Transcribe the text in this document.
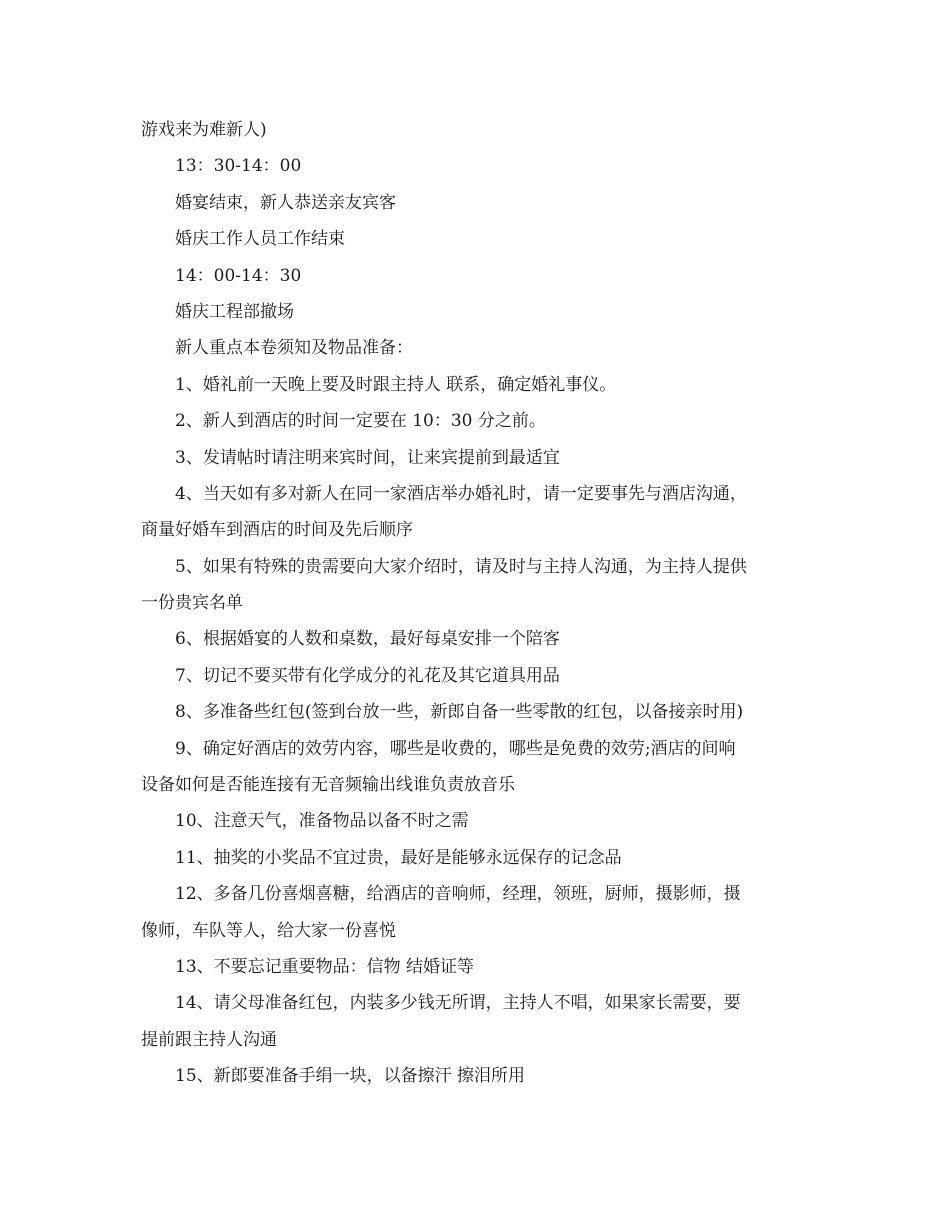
游戏来为难新人)
13：30-14：00
婚宴结束，新人恭送亲友宾客
婚庆工作人员工作结束
14：00-14：30
婚庆工程部撤场
新人重点本卷须知及物品准备：
1、婚礼前一天晚上要及时跟主持人 联系，确定婚礼事仪。
2、新人到酒店的时间一定要在 10：30 分之前。
3、发请帖时请注明来宾时间，让来宾提前到最适宜
4、当天如有多对新人在同一家酒店举办婚礼时，请一定要事先与酒店沟通，
商量好婚车到酒店的时间及先后顺序
5、如果有特殊的贵需要向大家介绍时，请及时与主持人沟通，为主持人提供
一份贵宾名单
6、根据婚宴的人数和桌数，最好每桌安排一个陪客
7、切记不要买带有化学成分的礼花及其它道具用品
8、多准备些红包(签到台放一些，新郎自备一些零散的红包，以备接亲时用)
9、确定好酒店的效劳内容，哪些是收费的，哪些是免费的效劳;酒店的间响
设备如何是否能连接有无音频输出线谁负责放音乐
10、注意天气，准备物品以备不时之需
11、抽奖的小奖品不宜过贵，最好是能够永远保存的记念品
12、多备几份喜烟喜糖，给酒店的音响师，经理，领班，厨师，摄影师，摄
像师，车队等人，给大家一份喜悦
13、不要忘记重要物品：信物 结婚证等
14、请父母准备红包，内装多少钱无所谓，主持人不唱，如果家长需要，要
提前跟主持人沟通
15、新郎要准备手绢一块，以备擦汗 擦泪所用
